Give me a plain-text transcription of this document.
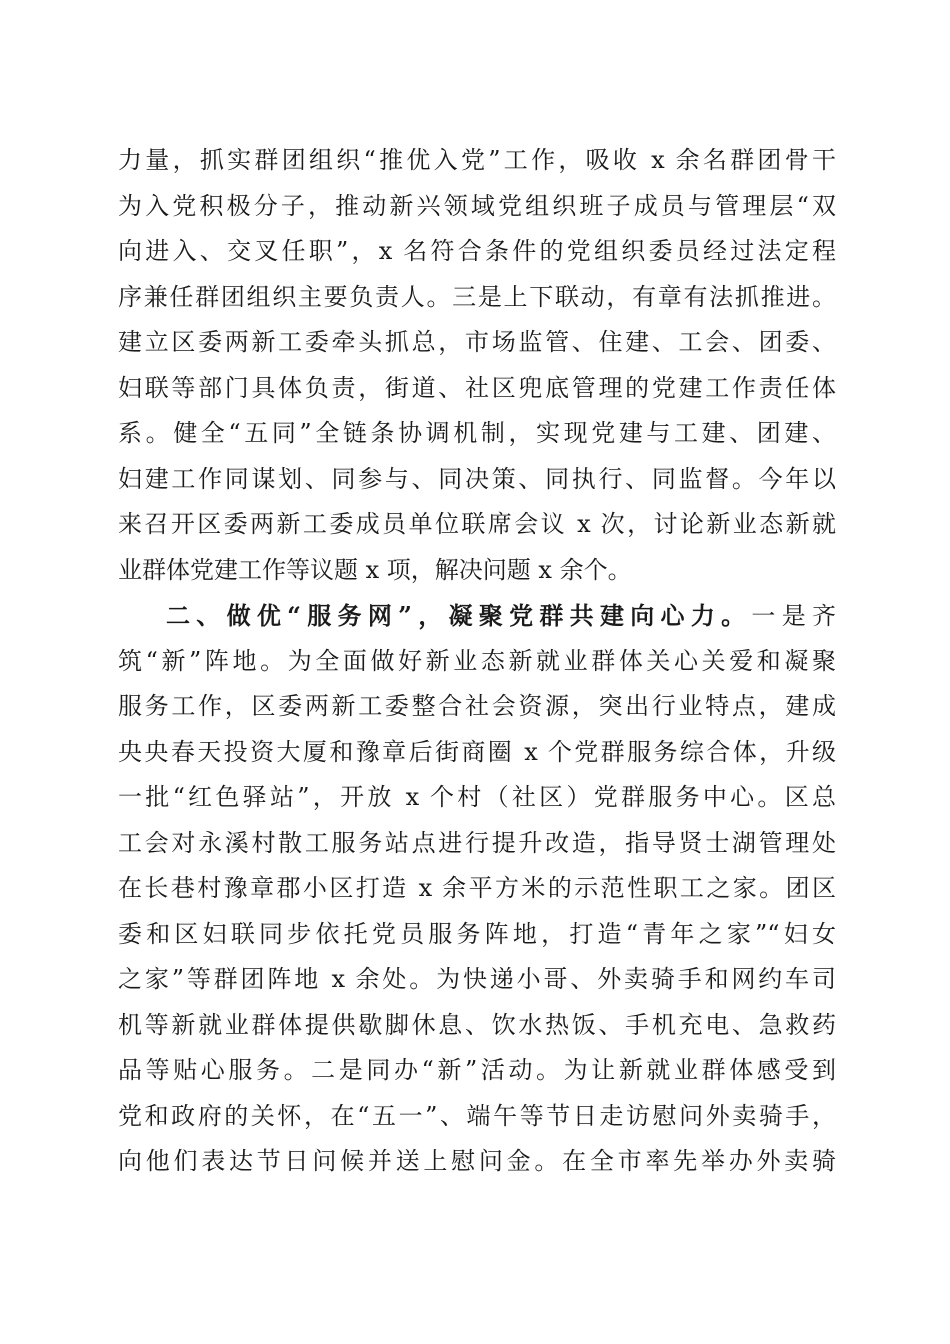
力量，抓实群团组织“推优入党”工作，吸收 x 余名群团骨干
为入党积极分子，推动新兴领域党组织班子成员与管理层“双
向进入、交叉任职”，x 名符合条件的党组织委员经过法定程
序兼任群团组织主要负责人。三是上下联动，有章有法抓推进。
建立区委两新工委牵头抓总，市场监管、住建、工会、团委、
妇联等部门具体负责，街道、社区兜底管理的党建工作责任体
系。健全“五同”全链条协调机制，实现党建与工建、团建、
妇建工作同谋划、同参与、同决策、同执行、同监督。今年以
来召开区委两新工委成员单位联席会议 x 次，讨论新业态新就
业群体党建工作等议题 x 项，解决问题 x 余个。
二、做优“服务网”，凝聚党群共建向心力。一是齐
筑“新”阵地。为全面做好新业态新就业群体关心关爱和凝聚
服务工作，区委两新工委整合社会资源，突出行业特点，建成
央央春天投资大厦和豫章后街商圈 x 个党群服务综合体，升级
一批“红色驿站”，开放 x 个村（社区）党群服务中心。区总
工会对永溪村散工服务站点进行提升改造，指导贤士湖管理处
在长巷村豫章郡小区打造 x 余平方米的示范性职工之家。团区
委和区妇联同步依托党员服务阵地，打造“青年之家”“妇女
之家”等群团阵地 x 余处。为快递小哥、外卖骑手和网约车司
机等新就业群体提供歇脚休息、饮水热饭、手机充电、急救药
品等贴心服务。二是同办“新”活动。为让新就业群体感受到
党和政府的关怀，在“五一”、端午等节日走访慰问外卖骑手，
向他们表达节日问候并送上慰问金。在全市率先举办外卖骑
